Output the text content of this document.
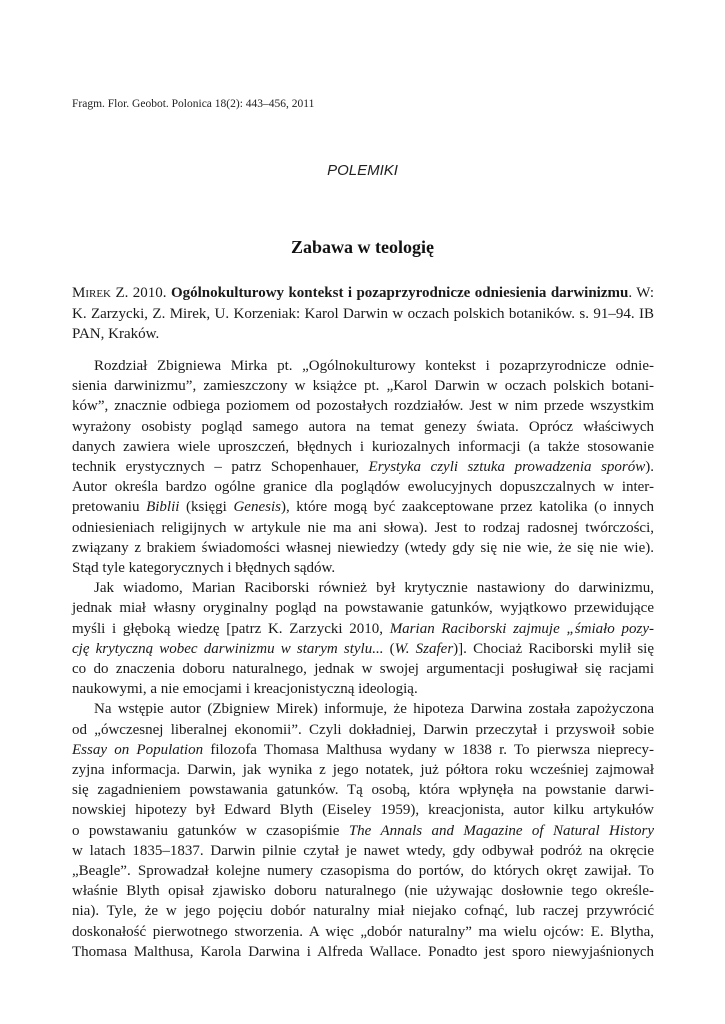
Fragm. Flor. Geobot. Polonica 18(2): 443–456, 2011
POLEMIKI
Zabawa w teologię
Mirek Z. 2010. Ogólnokulturowy kontekst i pozaprzyrodnicze odniesienia darwinizmu. W: K. Zarzycki, Z. Mirek, U. Korzeniak: Karol Darwin w oczach polskich botaników. s. 91–94. IB PAN, Kraków.

Rozdział Zbigniewa Mirka pt. „Ogólnokulturowy kontekst i pozaprzyrodnicze odnie-
sienia darwinizmu”, zamieszczony w książce pt. „Karol Darwin w oczach polskich botani-
ków”, znacznie odbiega poziomem od pozostałych rozdziałów. Jest w nim przede wszystkim
wyrażony osobisty pogląd samego autora na temat genezy świata. Oprócz właściwych
danych zawiera wiele uproszczeń, błędnych i kuriozalnych informacji (a także stosowanie
technik erystycznych – patrz Schopenhauer, Erystyka czyli sztuka prowadzenia sporów).
Autor określa bardzo ogólne granice dla poglądów ewolucyjnych dopuszczalnych w inter-
pretowaniu Biblii (księgi Genesis), które mogą być zaakceptowane przez katolika (o innych
odniesieniach religijnych w artykule nie ma ani słowa). Jest to rodzaj radosnej twórczości,
związany z brakiem świadomości własnej niewiedzy (wtedy gdy się nie wie, że się nie wie).
Stąd tyle kategorycznych i błędnych sądów.

Jak wiadomo, Marian Raciborski również był krytycznie nastawiony do darwinizmu,
jednak miał własny oryginalny pogląd na powstawanie gatunków, wyjątkowo przewidujące
myśli i głęboką wiedzę [patrz K. Zarzycki 2010, Marian Raciborski zajmuje „śmiało pozy-
cję krytyczną wobec darwinizmu w starym stylu... (W. Szafer)]. Chociaż Raciborski mylił się
co do znaczenia doboru naturalnego, jednak w swojej argumentacji posługiwał się racjami
naukowymi, a nie emocjami i kreacjonistyczną ideologią.

Na wstępie autor (Zbigniew Mirek) informuje, że hipoteza Darwina została zapożyczona
od „ówczesnej liberalnej ekonomii”. Czyli dokładniej, Darwin przeczytał i przyswoił sobie
Essay on Population filozofa Thomasa Malthusa wydany w 1838 r. To pierwsza nieprecy-
zyjna informacja. Darwin, jak wynika z jego notatek, już półtora roku wcześniej zajmował
się zagadnieniem powstawania gatunków. Tą osobą, która wpłynęła na powstanie darwi-
nowskiej hipotezy był Edward Blyth (Eiseley 1959), kreacjonista, autor kilku artykułów
o powstawaniu gatunków w czasopiśmie The Annals and Magazine of Natural History
w latach 1835–1837. Darwin pilnie czytał je nawet wtedy, gdy odbywał podróż na okręcie
„Beagle”. Sprowadzał kolejne numery czasopisma do portów, do których okręt zawijał. To
właśnie Blyth opisał zjawisko doboru naturalnego (nie używając dosłownie tego określe-
nia). Tyle, że w jego pojęciu dobór naturalny miał niejako cofnąć, lub raczej przywrócić
doskonałość pierwotnego stworzenia. A więc „dobór naturalny” ma wielu ojców: E. Blytha,
Thomasa Malthusa, Karola Darwina i Alfreda Wallace. Ponadto jest sporo niewyjaśnionych
